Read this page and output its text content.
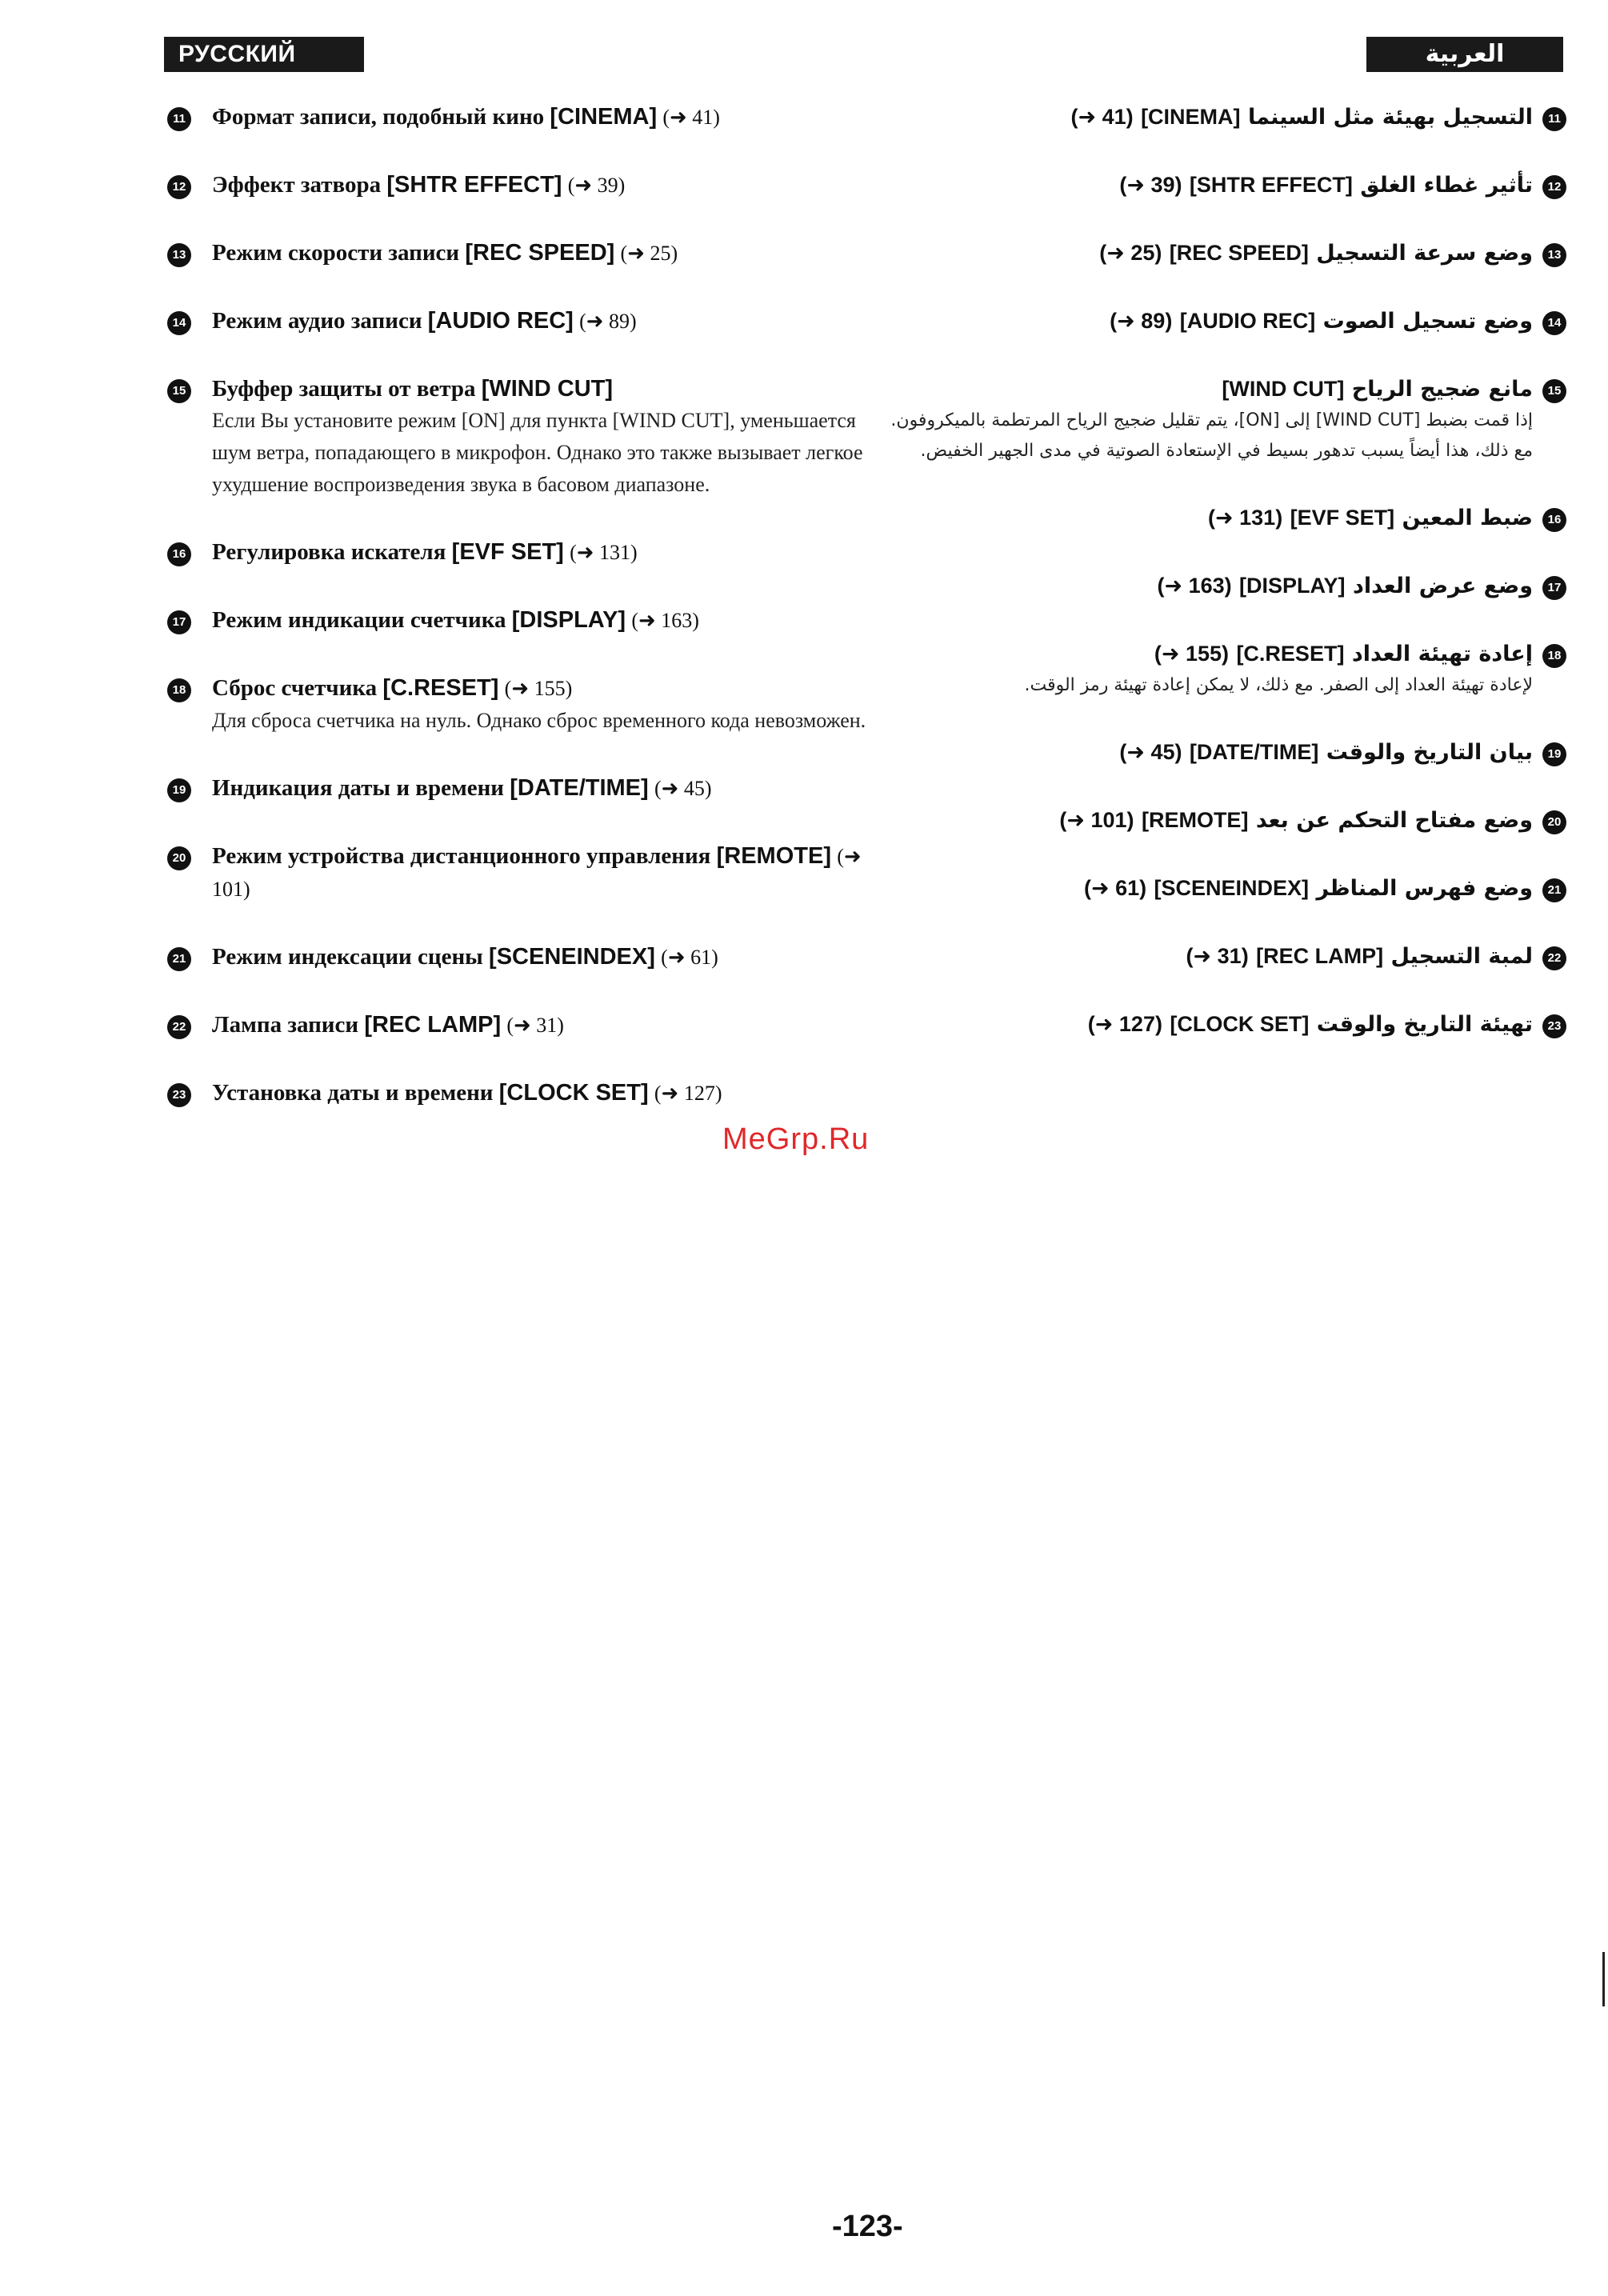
РУССКИЙ ЯЗЫК
العربية
11 Формат записи, подобный кино [CINEMA] (➜ 41)
12 Эффект затвора [SHTR EFFECT] (➜ 39)
13 Режим скорости записи [REC SPEED] (➜ 25)
14 Режим аудио записи [AUDIO REC] (➜ 89)
15 Буффер защиты от ветра [WIND CUT]
Если Вы установите режим [ON] для пункта [WIND CUT], уменьшается шум ветра, попадающего в микрофон. Однако это также вызывает легкое ухудшение воспроизведения звука в басовом диапазоне.
16 Регулировка искателя [EVF SET] (➜ 131)
17 Режим индикации счетчика [DISPLAY] (➜ 163)
18 Сброс счетчика [C.RESET] (➜ 155)
Для сброса счетчика на нуль. Однако сброс временного кода невозможен.
19 Индикация даты и времени [DATE/TIME] (➜ 45)
20 Режим устройства дистанционного управления [REMOTE] (➜ 101)
21 Режим индексации сцены [SCENEINDEX] (➜ 61)
22 Лампа записи [REC LAMP] (➜ 31)
23 Установка даты и времени [CLOCK SET] (➜ 127)
11
التسجيل بهيئة مثل السينما [CINEMA] (➜ 41)
12
تأثير غطاء الغلق [SHTR EFFECT] (➜ 39)
13
وضع سرعة التسجيل [REC SPEED] (➜ 25)
14
وضع تسجيل الصوت [AUDIO REC] (➜ 89)
15
مانع ضجيج الرياح [WIND CUT]
إذا قمت بضبط [WIND CUT] إلى [ON]، يتم تقليل ضجيج الرياح المرتطمة بالميكروفون. مع ذلك، هذا أيضاً يسبب تدهور بسيط في الإستعادة الصوتية في مدى الجهير الخفيض.
16
ضبط المعين [EVF SET] (➜ 131)
17
وضع عرض العداد [DISPLAY] (➜ 163)
18
إعادة تهيئة العداد [C.RESET] (➜ 155)
لإعادة تهيئة العداد إلى الصفر. مع ذلك، لا يمكن إعادة تهيئة رمز الوقت.
19
بيان التاريخ والوقت [DATE/TIME] (➜ 45)
20
وضع مفتاح التحكم عن بعد [REMOTE] (➜ 101)
21
وضع فهرس المناظر [SCENEINDEX] (➜ 61)
22
لمبة التسجيل [REC LAMP] (➜ 31)
23
تهيئة التاريخ والوقت [CLOCK SET] (➜ 127)
MeGrp.Ru
-123-
